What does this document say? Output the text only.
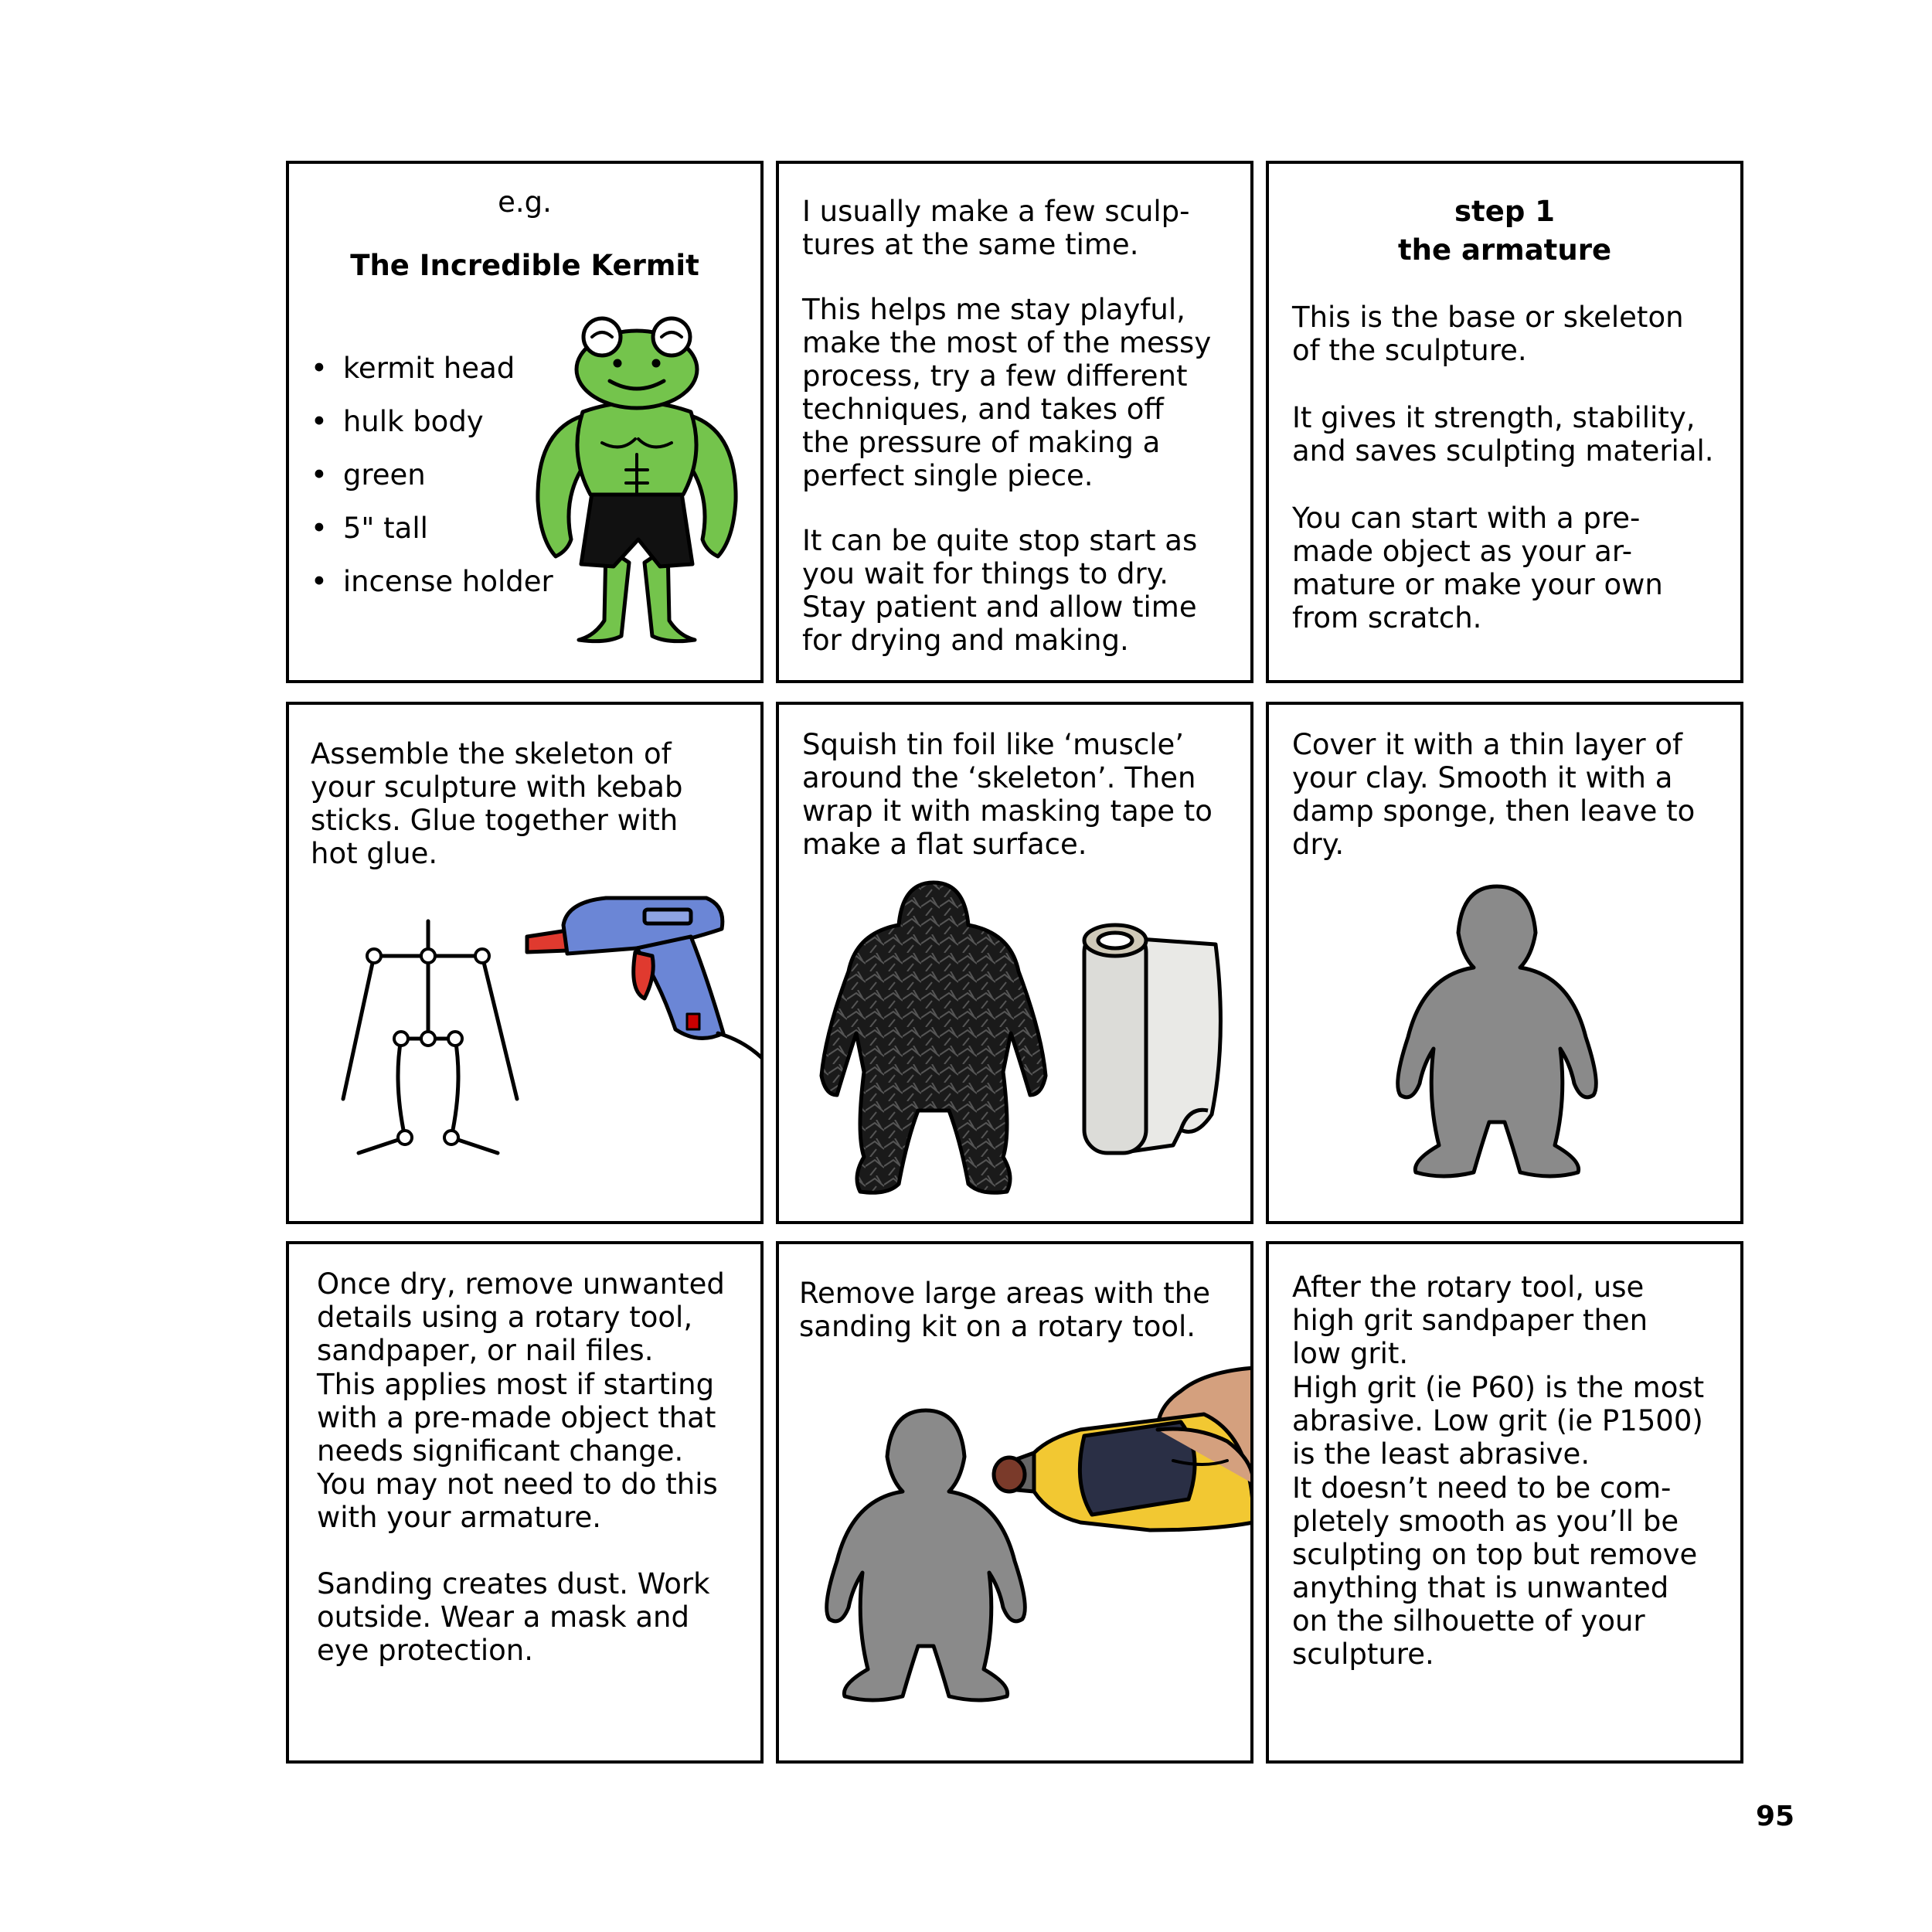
e.g.
The Incredible Kermit
• kermit head
• hulk body
• green
• 5" tall
• incense holder
I usually make a few sculp-
tures at the same time.
This helps me stay playful,
make the most of the messy
process, try a few different
techniques, and takes off
the pressure of making a
perfect single piece.
It can be quite stop start as
you wait for things to dry.
Stay patient and allow time
for drying and making.
step 1
the armature
This is the base or skeleton
of the sculpture.
It gives it strength, stability,
and saves sculpting material.
You can start with a pre-
made object as your ar-
mature or make your own
from scratch.
Assemble the skeleton of
your sculpture with kebab
sticks. Glue together with
hot glue.
Squish tin foil like ‘muscle’
around the ‘skeleton’. Then
wrap it with masking tape to
make a flat surface.
Cover it with a thin layer of
your clay. Smooth it with a
damp sponge, then leave to
dry.
Once dry, remove unwanted
details using a rotary tool,
sandpaper, or nail files.
This applies most if starting
with a pre-made object that
needs significant change.
You may not need to do this
with your armature.
Sanding creates dust. Work
outside. Wear a mask and
eye protection.
Remove large areas with the
sanding kit on a rotary tool.
After the rotary tool, use
high grit sandpaper then
low grit.
High grit (ie P60) is the most
abrasive. Low grit (ie P1500)
is the least abrasive.
It doesn’t need to be com-
pletely smooth as you’ll be
sculpting on top but remove
anything that is unwanted
on the silhouette of your
sculpture.
95
